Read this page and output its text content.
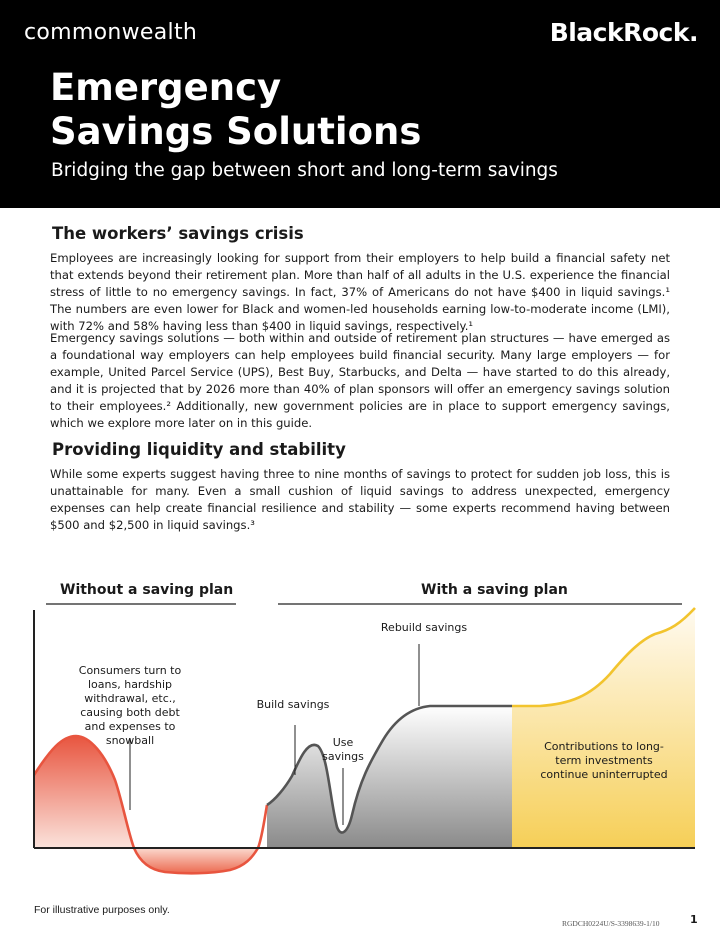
commonwealth	BlackRock.
Emergency
Savings Solutions
Bridging the gap between short and long-term savings
The workers’ savings crisis

Employees are increasingly looking for support from their employers to help build a financial safety net that extends beyond their retirement plan. More than half of all adults in the U.S. experience the financial stress of little to no emergency savings. In fact, 37% of Americans do not have $400 in liquid savings.¹ The numbers are even lower for Black and women-led households earning low-to-moderate income (LMI), with 72% and 58% having less than $400 in liquid savings, respectively.¹

Emergency savings solutions — both within and outside of retirement plan structures — have emerged as a foundational way employers can help employees build financial security. Many large employers — for example, United Parcel Service (UPS), Best Buy, Starbucks, and Delta — have started to do this already, and it is projected that by 2026 more than 40% of plan sponsors will offer an emergency savings solution to their employees.² Additionally, new government policies are in place to support emergency savings, which we explore more later on in this guide.

Providing liquidity and stability

While some experts suggest having three to nine months of savings to protect for sudden job loss, this is unattainable for many. Even a small cushion of liquid savings to address unexpected, emergency expenses can help create financial resilience and stability — some experts recommend having between $500 and $2,500 in liquid savings.³

Without a saving plan	With a saving plan
Consumers turn to
loans, hardship
withdrawal, etc.,
causing both debt
and expenses to
snowball
Build savings
Use
savings
Rebuild savings
Contributions to long-
term investments
continue uninterrupted
For illustrative purposes only.
RGDCH0224U/S-3398639-1/10	1
